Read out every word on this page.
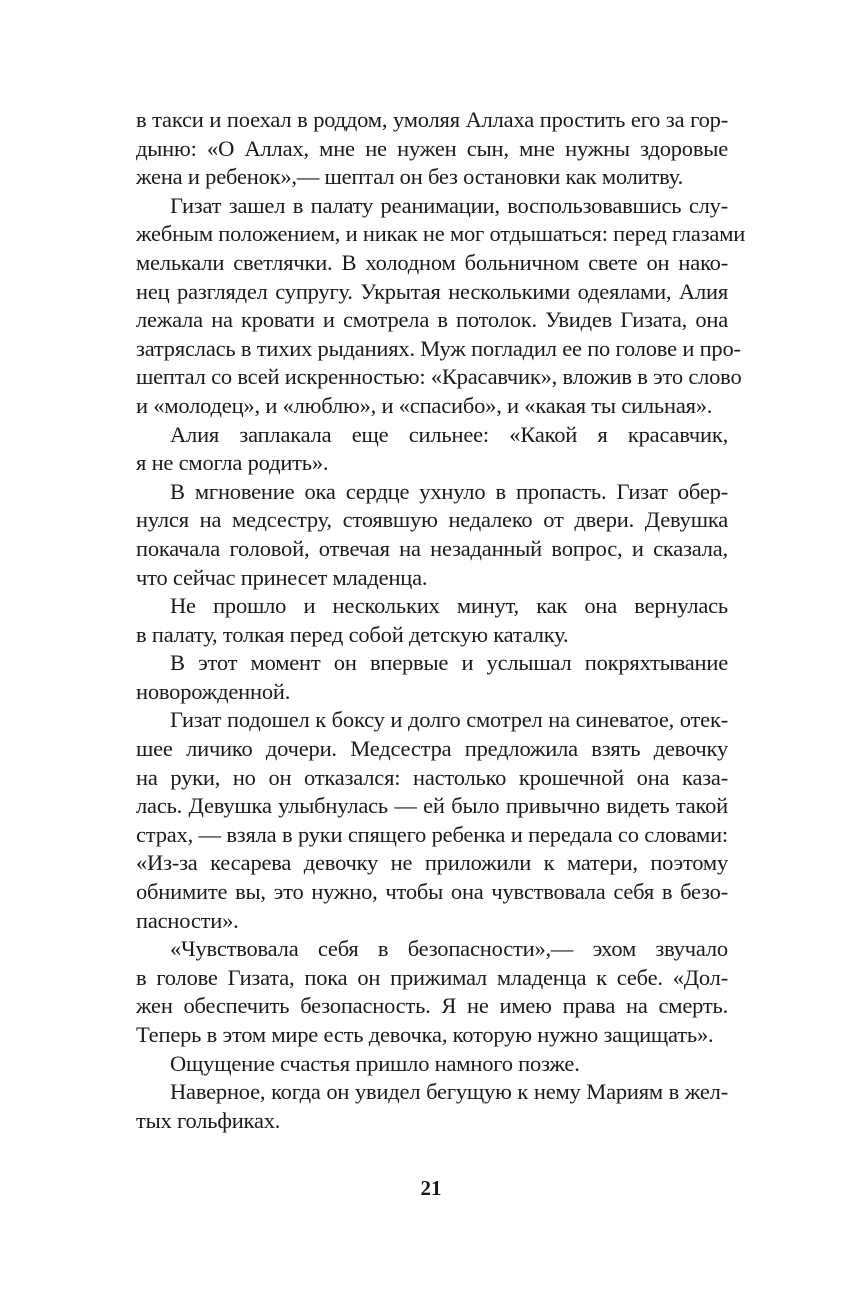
в такси и поехал в роддом, умоляя Аллаха простить его за гор-
дыню: «О Аллах, мне не нужен сын, мне нужны здоровые
жена и ребенок»,— шептал он без остановки как молитву.
Гизат зашел в палату реанимации, воспользовавшись слу-
жебным положением, и никак не мог отдышаться: перед глазами
мелькали светлячки. В холодном больничном свете он нако-
нец разглядел супругу. Укрытая несколькими одеялами, Алия
лежала на кровати и смотрела в потолок. Увидев Гизата, она
затряслась в тихих рыданиях. Муж погладил ее по голове и про-
шептал со всей искренностью: «Красавчик», вложив в это слово
и «молодец», и «люблю», и «спасибо», и «какая ты сильная».
Алия заплакала еще сильнее: «Какой я красавчик,
я не смогла родить».
В мгновение ока сердце ухнуло в пропасть. Гизат обер-
нулся на медсестру, стоявшую недалеко от двери. Девушка
покачала головой, отвечая на незаданный вопрос, и сказала,
что сейчас принесет младенца.
Не прошло и нескольких минут, как она вернулась
в палату, толкая перед собой детскую каталку.
В этот момент он впервые и услышал покряхтывание
новорожденной.
Гизат подошел к боксу и долго смотрел на синеватое, отек-
шее личико дочери. Медсестра предложила взять девочку
на руки, но он отказался: настолько крошечной она каза-
лась. Девушка улыбнулась — ей было привычно видеть такой
страх, — взяла в руки спящего ребенка и передала со словами:
«Из-за кесарева девочку не приложили к матери, поэтому
обнимите вы, это нужно, чтобы она чувствовала себя в безо-
пасности».
«Чувствовала себя в безопасности»,— эхом звучало
в голове Гизата, пока он прижимал младенца к себе. «Дол-
жен обеспечить безопасность. Я не имею права на смерть.
Теперь в этом мире есть девочка, которую нужно защищать».
Ощущение счастья пришло намного позже.
Наверное, когда он увидел бегущую к нему Мариям в жел-
тых гольфиках.
21
